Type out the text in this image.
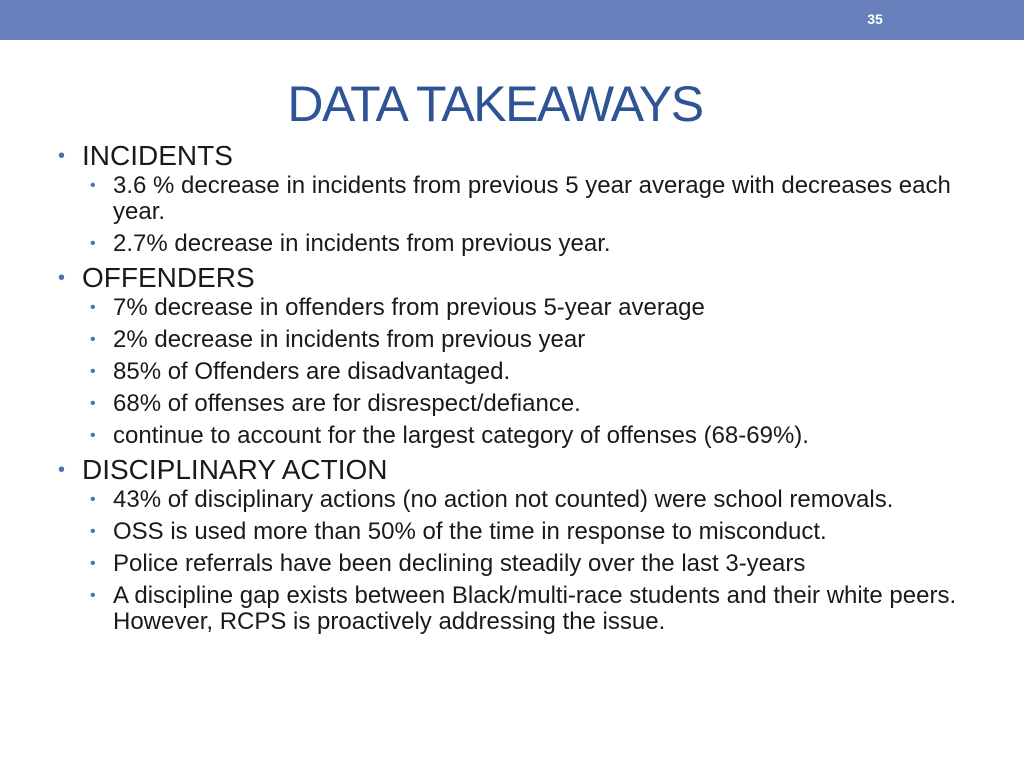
35
DATA TAKEAWAYS
• INCIDENTS
• 3.6 % decrease in incidents from previous 5 year average with decreases each year.
• 2.7% decrease in incidents from previous year.
• OFFENDERS
• 7% decrease in offenders from previous 5-year average
• 2% decrease in incidents from previous year
• 85% of Offenders are disadvantaged.
• 68% of offenses are for disrespect/defiance.
• continue to account for the largest category of offenses (68-69%).
• DISCIPLINARY ACTION
• 43% of disciplinary actions (no action not counted) were school removals.
• OSS is used more than 50% of the time in response to misconduct.
• Police referrals have been declining steadily over the last 3-years
• A discipline gap exists between Black/multi-race students and their white peers. However, RCPS is proactively addressing the issue.
